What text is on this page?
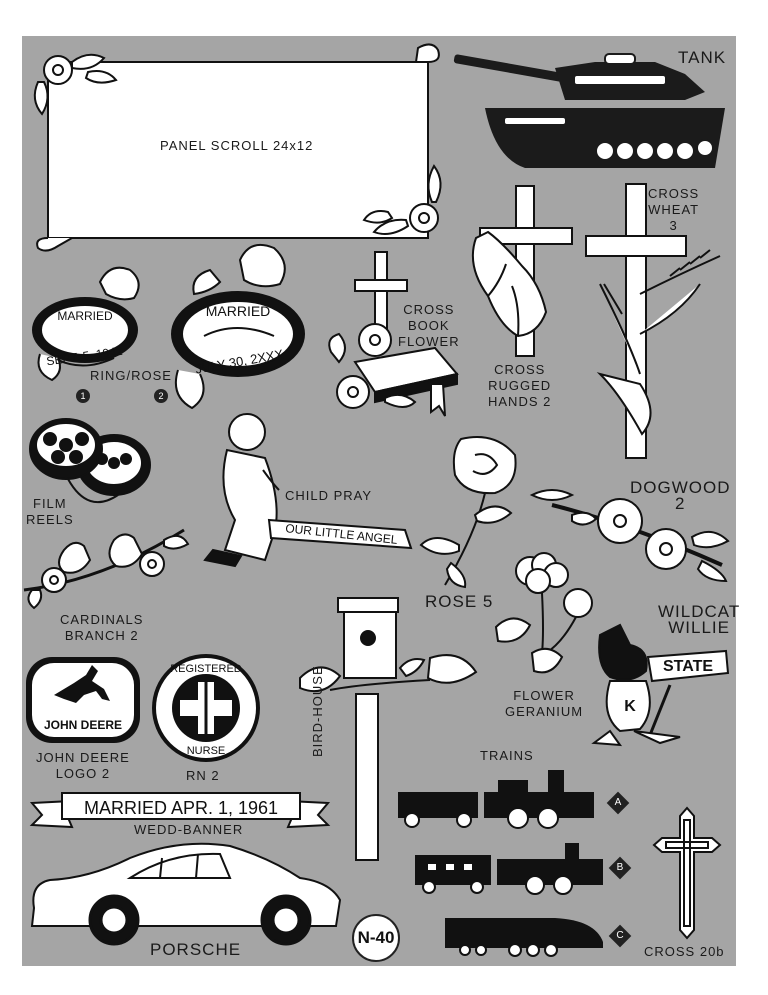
PANEL SCROLL 24x12
TANK
MARRIED
SEPT. 5, 1942
MARRIED
JULY 30, 2XXX
RING/ROSE
1	2
CROSS
BOOK
FLOWER
CROSS
RUGGED
HANDS 2
CROSS
WHEAT
3
FILM
REELS
OUR LITTLE ANGEL
CHILD PRAY
ROSE 5
DOGWOOD
2
CARDINALS
BRANCH 2
FLOWER
GERANIUM
STATE
K
WILDCAT
WILLIE
JOHN DEERE
JOHN DEERE
LOGO 2
REGISTERED
NURSE
RN 2
BIRD-HOUSE	TRAINS
A
B
C
MARRIED APR. 1, 1961
WEDD-BANNER
PORSCHE	CROSS 20b
N-40
